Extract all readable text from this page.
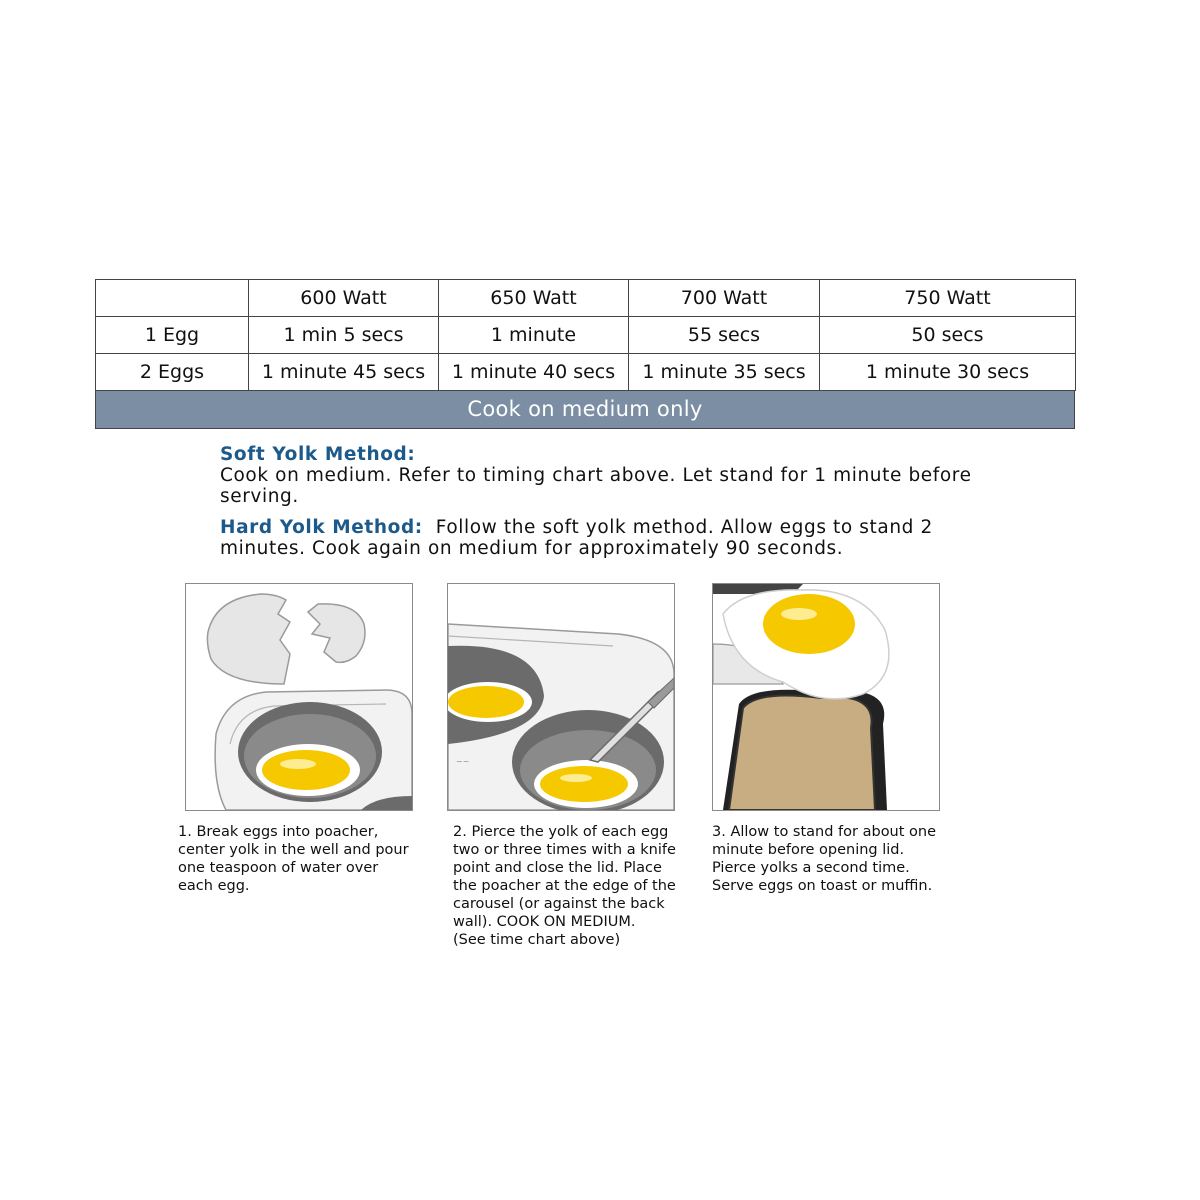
	600 Watt	650 Watt	700 Watt	750 Watt
1 Egg	1 min 5 secs	1 minute	55 secs	50 secs
2 Eggs	1 minute 45 secs	1 minute 40 secs	1 minute 35 secs	1 minute 30 secs
Cook on medium only
Soft Yolk Method:
Cook on medium. Refer to timing chart above. Let stand for 1 minute before serving.
Hard Yolk Method: Follow the soft yolk method. Allow eggs to stand 2 minutes. Cook again on medium for approximately 90 seconds.
1. Break eggs into poacher,
center yolk in the well and pour
one teaspoon of water over
each egg.
~~
2. Pierce the yolk of each egg
two or three times with a knife
point and close the lid. Place
the poacher at the edge of the
carousel (or against the back
wall). COOK ON MEDIUM.
(See time chart above)
3. Allow to stand for about one
minute before opening lid.
Pierce yolks a second time.
Serve eggs on toast or muffin.
